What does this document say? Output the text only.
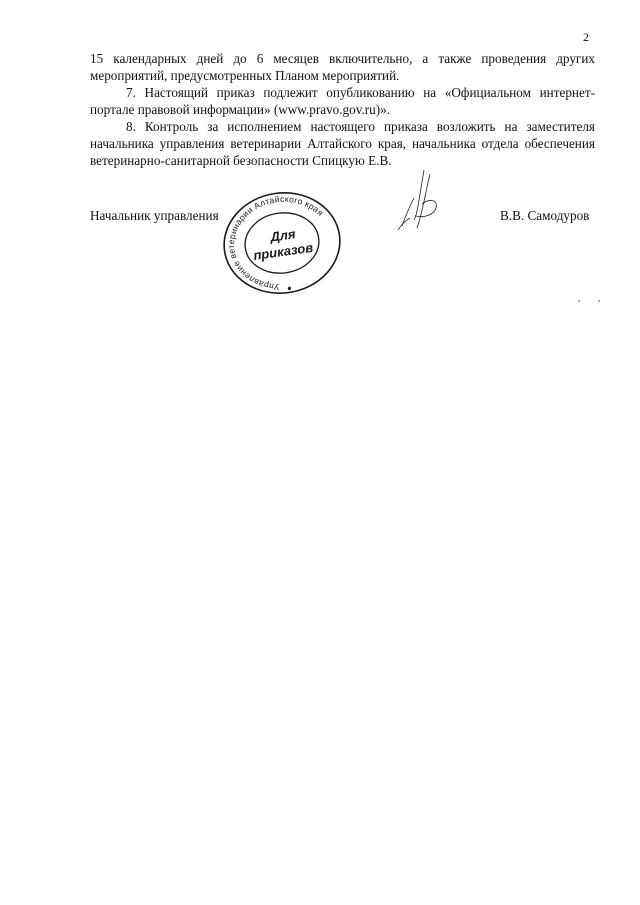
2

15 календарных дней до 6 месяцев включительно, а также проведения других мероприятий, предусмотренных Планом мероприятий.

7. Настоящий приказ подлежит опубликованию на «Официальном интернет-портале правовой информации» (www.pravo.gov.ru)».

8. Контроль за исполнением настоящего приказа возложить на заместителя начальника управления ветеринарии Алтайского края, начальника отдела обеспечения ветеринарно-санитарной безопасности Спицкую Е.В.

Начальник управления
Управление ветеринарии Алтайского края
Для
приказов
В.В. Самодуров
